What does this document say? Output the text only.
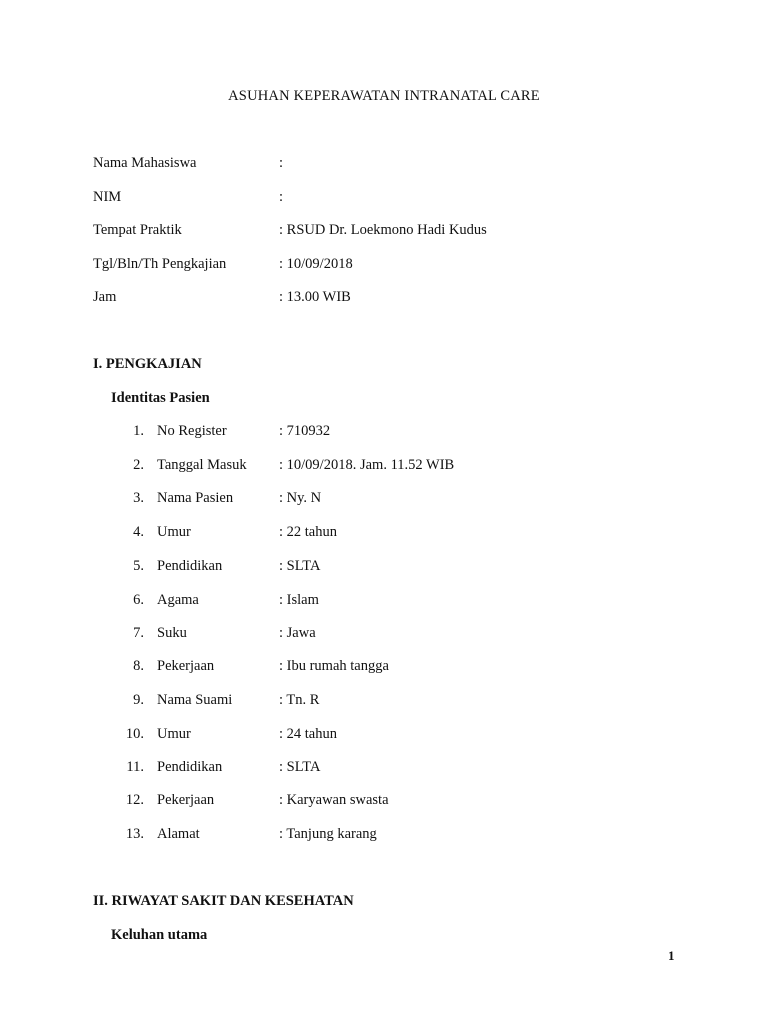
ASUHAN KEPERAWATAN INTRANATAL CARE
Nama Mahasiswa	:
NIM	:
Tempat Praktik	: RSUD Dr. Loekmono Hadi Kudus
Tgl/Bln/Th Pengkajian	: 10/09/2018
Jam	: 13.00 WIB
I. PENGKAJIAN
Identitas Pasien
1. No Register	: 710932
2. Tanggal Masuk : 10/09/2018. Jam. 11.52 WIB
3. Nama Pasien	: Ny. N
4. Umur	: 22 tahun
5. Pendidikan	: SLTA
6. Agama	: Islam
7. Suku	: Jawa
8. Pekerjaan	: Ibu rumah tangga
9. Nama Suami	: Tn. R
10. Umur	: 24 tahun
11. Pendidikan	: SLTA
12. Pekerjaan	: Karyawan swasta
13. Alamat	: Tanjung karang
II. RIWAYAT SAKIT DAN KESEHATAN
Keluhan utama
1
